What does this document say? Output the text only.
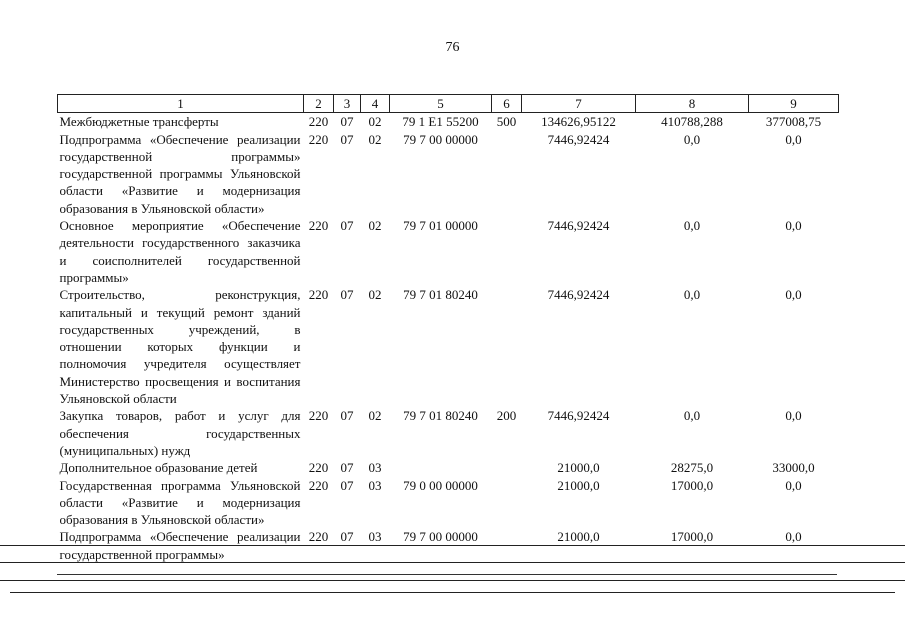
76
1	2	3	4	5	6	7	8	9
Межбюджетные трансферты	220	07	02	79 1 E1 55200	500	134626,95122	410788,288	377008,75
Подпрограмма «Обеспечение реализации государственной программы» государственной программы Ульяновской области «Развитие и модернизация образования в Ульяновской области»	220	07	02	79 7 00 00000		7446,92424	0,0	0,0
Основное мероприятие «Обеспечение деятельности государственного заказчика и соисполнителей государственной программы»	220	07	02	79 7 01 00000		7446,92424	0,0	0,0
Строительство, реконструкция, капитальный и текущий ремонт зданий государственных учреждений, в отношении которых функции и полномочия учредителя осуществляет Министерство просвещения и воспитания Ульяновской области	220	07	02	79 7 01 80240		7446,92424	0,0	0,0
Закупка товаров, работ и услуг для обеспечения государственных (муниципальных) нужд	220	07	02	79 7 01 80240	200	7446,92424	0,0	0,0
Дополнительное образование детей	220	07	03			21000,0	28275,0	33000,0
Государственная программа Ульяновской области «Развитие и модернизация образования в Ульяновской области»	220	07	03	79 0 00 00000		21000,0	17000,0	0,0
Подпрограмма «Обеспечение реализации государственной программы»	220	07	03	79 7 00 00000		21000,0	17000,0	0,0
